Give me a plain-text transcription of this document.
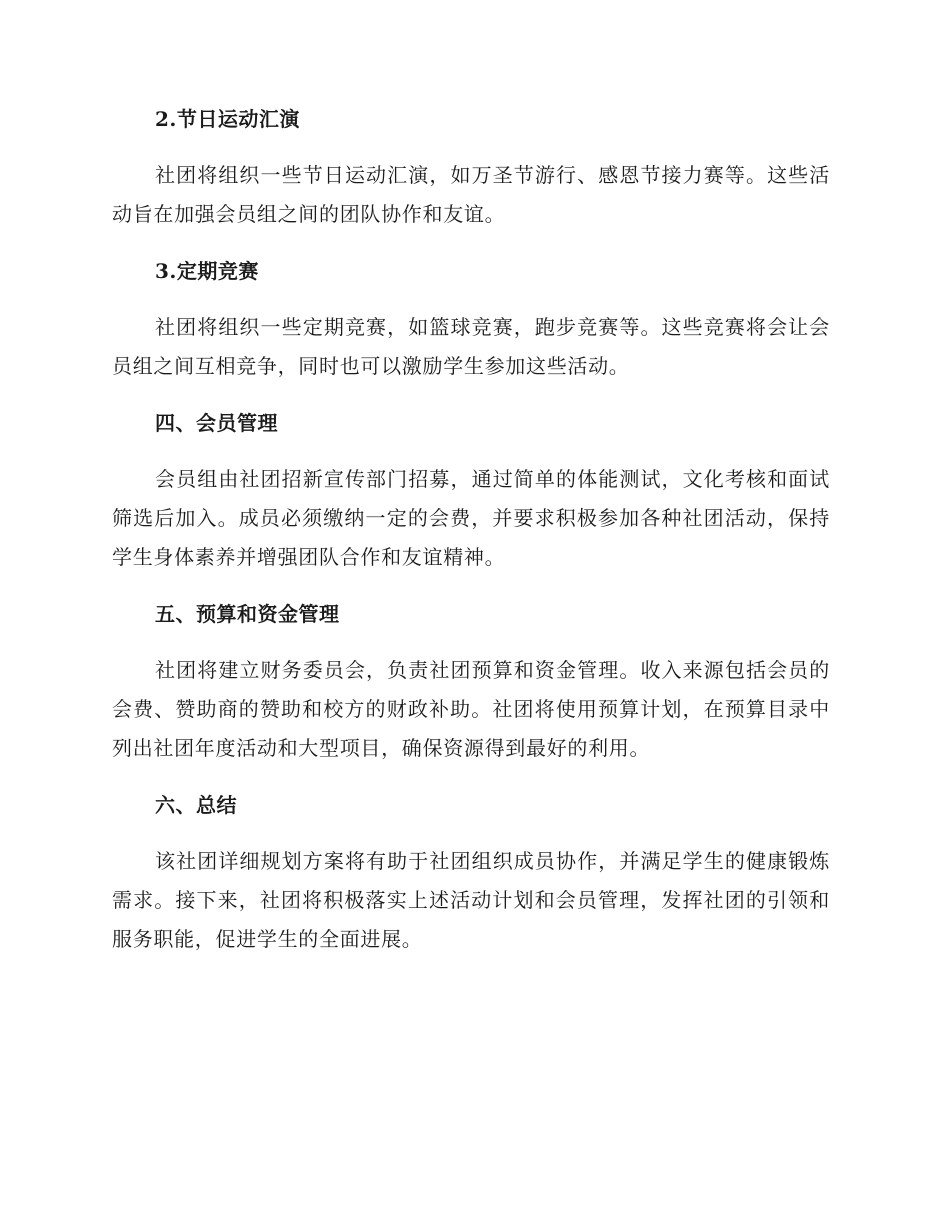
2.节日运动汇演

社团将组织一些节日运动汇演，如万圣节游行、感恩节接力赛等。这些活动旨在加强会员组之间的团队协作和友谊。

3.定期竞赛

社团将组织一些定期竞赛，如篮球竞赛，跑步竞赛等。这些竞赛将会让会员组之间互相竞争，同时也可以激励学生参加这些活动。

四、会员管理

会员组由社团招新宣传部门招募，通过简单的体能测试，文化考核和面试筛选后加入。成员必须缴纳一定的会费，并要求积极参加各种社团活动，保持学生身体素养并增强团队合作和友谊精神。

五、预算和资金管理

社团将建立财务委员会，负责社团预算和资金管理。收入来源包括会员的会费、赞助商的赞助和校方的财政补助。社团将使用预算计划，在预算目录中列出社团年度活动和大型项目，确保资源得到最好的利用。

六、总结

该社团详细规划方案将有助于社团组织成员协作，并满足学生的健康锻炼需求。接下来，社团将积极落实上述活动计划和会员管理，发挥社团的引领和服务职能，促进学生的全面进展。
